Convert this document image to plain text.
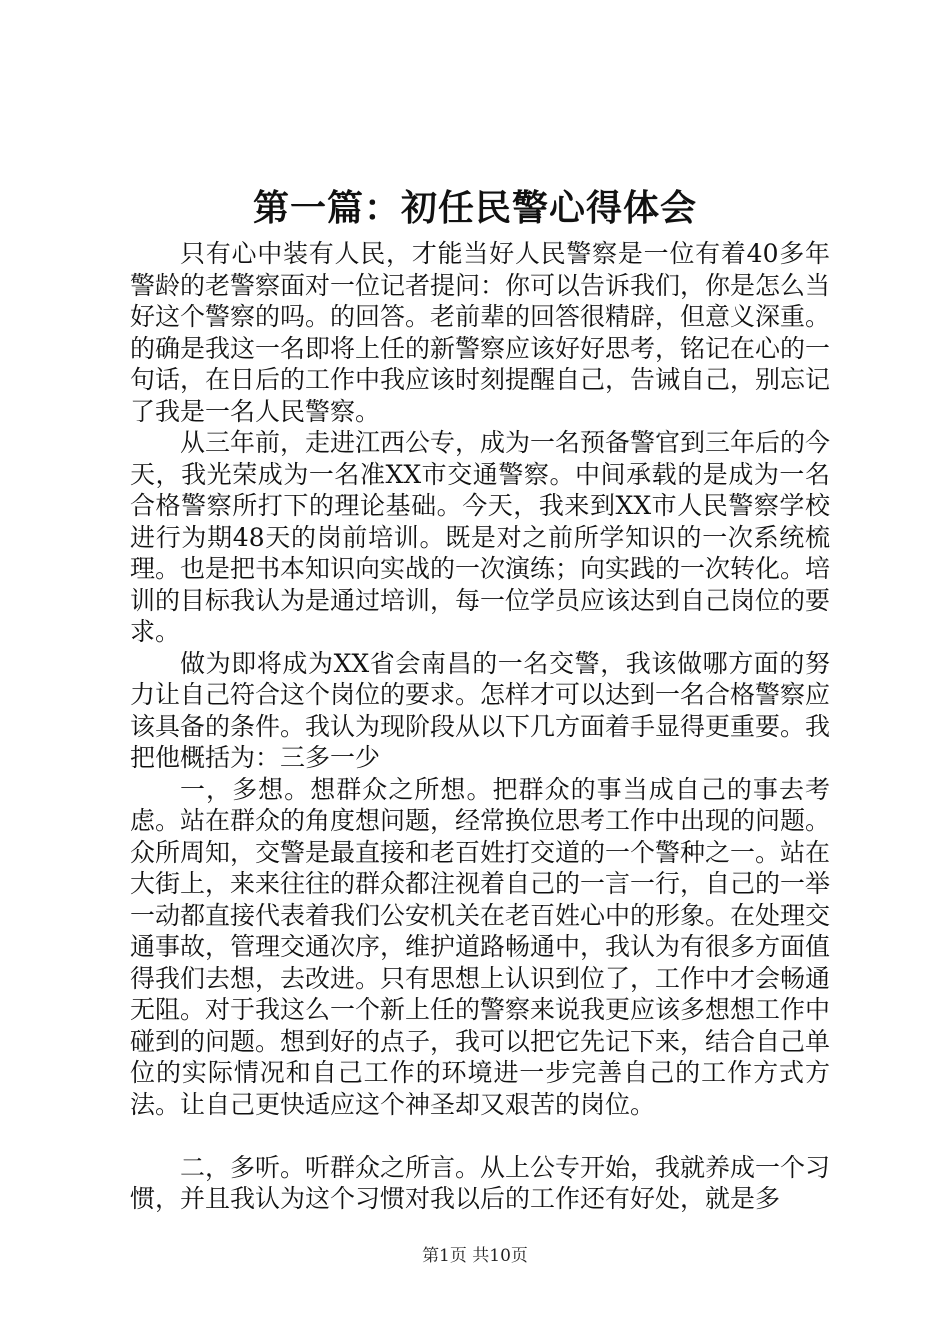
第一篇：初任民警心得体会

只有心中装有人民，才能当好人民警察是一位有着40多年警龄的老警察面对一位记者提问：你可以告诉我们，你是怎么当好这个警察的吗。的回答。老前辈的回答很精辟，但意义深重。的确是我这一名即将上任的新警察应该好好思考，铭记在心的一句话，在日后的工作中我应该时刻提醒自己，告诫自己，别忘记了我是一名人民警察。

从三年前，走进江西公专，成为一名预备警官到三年后的今天，我光荣成为一名准XX市交通警察。中间承载的是成为一名合格警察所打下的理论基础。今天，我来到XX市人民警察学校进行为期48天的岗前培训。既是对之前所学知识的一次系统梳理。也是把书本知识向实战的一次演练；向实践的一次转化。培训的目标我认为是通过培训，每一位学员应该达到自己岗位的要求。

做为即将成为XX省会南昌的一名交警，我该做哪方面的努力让自己符合这个岗位的要求。怎样才可以达到一名合格警察应该具备的条件。我认为现阶段从以下几方面着手显得更重要。我把他概括为：三多一少

一，多想。想群众之所想。把群众的事当成自己的事去考虑。站在群众的角度想问题，经常换位思考工作中出现的问题。众所周知，交警是最直接和老百姓打交道的一个警种之一。站在大街上，来来往往的群众都注视着自己的一言一行，自己的一举一动都直接代表着我们公安机关在老百姓心中的形象。在处理交通事故，管理交通次序，维护道路畅通中，我认为有很多方面值得我们去想，去改进。只有思想上认识到位了，工作中才会畅通无阻。对于我这么一个新上任的警察来说我更应该多想想工作中碰到的问题。想到好的点子，我可以把它先记下来，结合自己单位的实际情况和自己工作的环境进一步完善自己的工作方式方法。让自己更快适应这个神圣却又艰苦的岗位。

二，多听。听群众之所言。从上公专开始，我就养成一个习惯，并且我认为这个习惯对我以后的工作还有好处，就是多

第1页 共10页
